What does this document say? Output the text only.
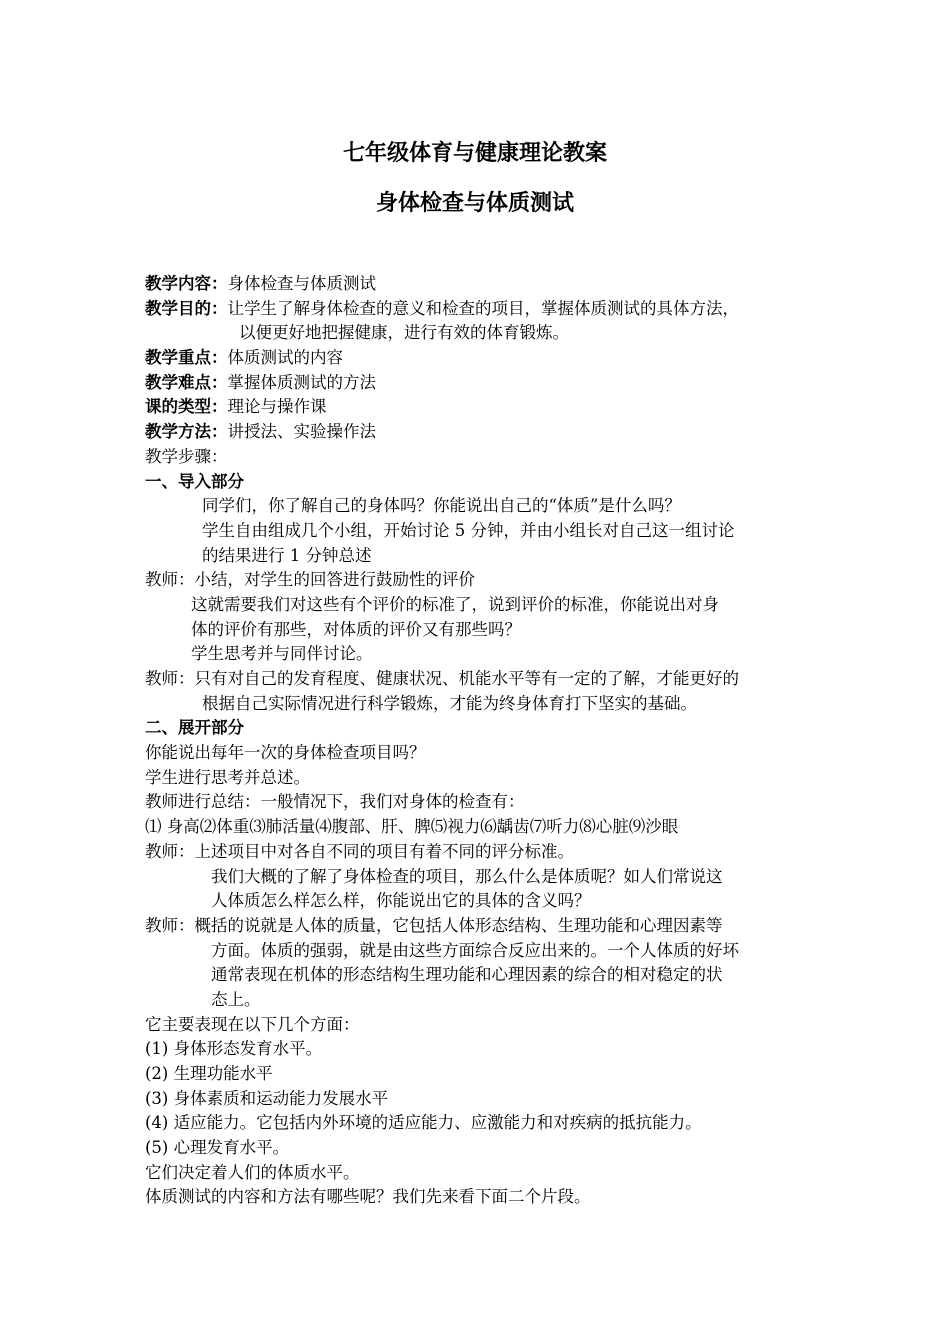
七年级体育与健康理论教案
身体检查与体质测试
教学内容：身体检查与体质测试
教学目的：让学生了解身体检查的意义和检查的项目，掌握体质测试的具体方法，
以便更好地把握健康，进行有效的体育锻炼。
教学重点：体质测试的内容
教学难点：掌握体质测试的方法
课的类型：理论与操作课
教学方法：讲授法、实验操作法
教学步骤：
一、导入部分
同学们，你了解自己的身体吗？你能说出自己的“体质”是什么吗？
学生自由组成几个小组，开始讨论 5 分钟，并由小组长对自己这一组讨论
的结果进行 1 分钟总述
教师：小结，对学生的回答进行鼓励性的评价
这就需要我们对这些有个评价的标准了，说到评价的标准，你能说出对身
体的评价有那些，对体质的评价又有那些吗？
学生思考并与同伴讨论。
教师：只有对自己的发育程度、健康状况、机能水平等有一定的了解，才能更好的
根据自己实际情况进行科学锻炼，才能为终身体育打下坚实的基础。
二、展开部分
你能说出每年一次的身体检查项目吗？
学生进行思考并总述。
教师进行总结：一般情况下，我们对身体的检查有：
⑴ 身高⑵体重⑶肺活量⑷腹部、肝、脾⑸视力⑹龋齿⑺听力⑻心脏⑼沙眼
教师：上述项目中对各自不同的项目有着不同的评分标准。
我们大概的了解了身体检查的项目，那么什么是体质呢？如人们常说这
人体质怎么样怎么样，你能说出它的具体的含义吗？
教师：概括的说就是人体的质量，它包括人体形态结构、生理功能和心理因素等
方面。体质的强弱，就是由这些方面综合反应出来的。一个人体质的好坏
通常表现在机体的形态结构生理功能和心理因素的综合的相对稳定的状
态上。
它主要表现在以下几个方面：
(1) 身体形态发育水平。
(2) 生理功能水平
(3) 身体素质和运动能力发展水平
(4) 适应能力。它包括内外环境的适应能力、应激能力和对疾病的抵抗能力。
(5) 心理发育水平。
它们决定着人们的体质水平。
体质测试的内容和方法有哪些呢？我们先来看下面二个片段。
